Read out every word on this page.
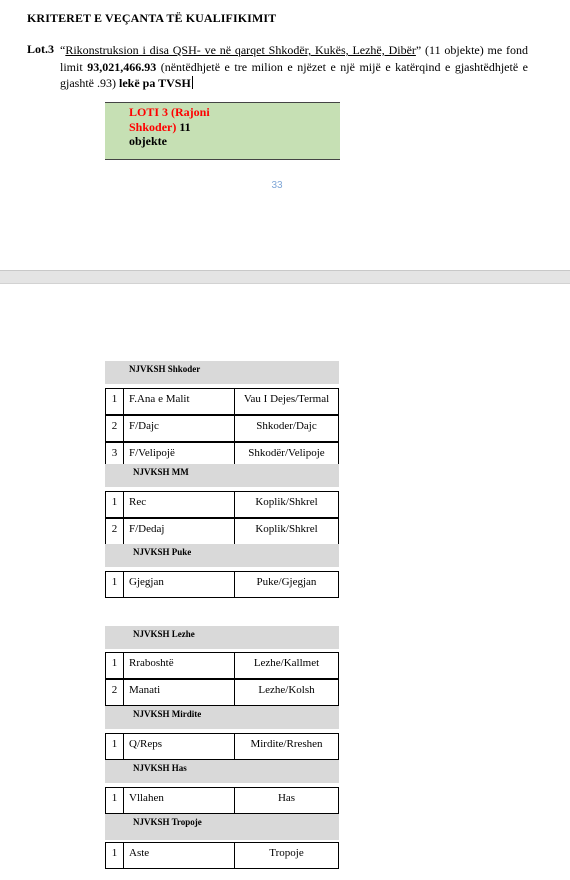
KRITERET E VEÇANTA TË KUALIFIKIMIT
Lot.3 “Rikonstruksion i disa QSH- ve në qarqet Shkodër, Kukës, Lezhë, Dibër” (11 objekte) me fond limit 93,021,466.93 (nëntëdhjetë e tre milion e njëzet e një mijë e katërqind e gjashtëdhjetë e gjashtë .93) lekë pa TVSH
LOTI 3 (Rajoni Shkoder) 11 objekte
33
NJVKSH Shkoder
1	F.Ana e Malit	Vau I Dejes/Termal
2	F/Dajc	Shkoder/Dajc
3	F/Velipojë	Shkodër/Velipoje
NJVKSH MM
1	Rec	Koplik/Shkrel
2	F/Dedaj	Koplik/Shkrel
NJVKSH Puke
1	Gjegjan	Puke/Gjegjan
NJVKSH Lezhe
1	Rraboshtë	Lezhe/Kallmet
2	Manati	Lezhe/Kolsh
NJVKSH Mirdite
1	Q/Reps	Mirdite/Rreshen
NJVKSH Has
1	Vllahen	Has
NJVKSH Tropoje
1	Aste	Tropoje
